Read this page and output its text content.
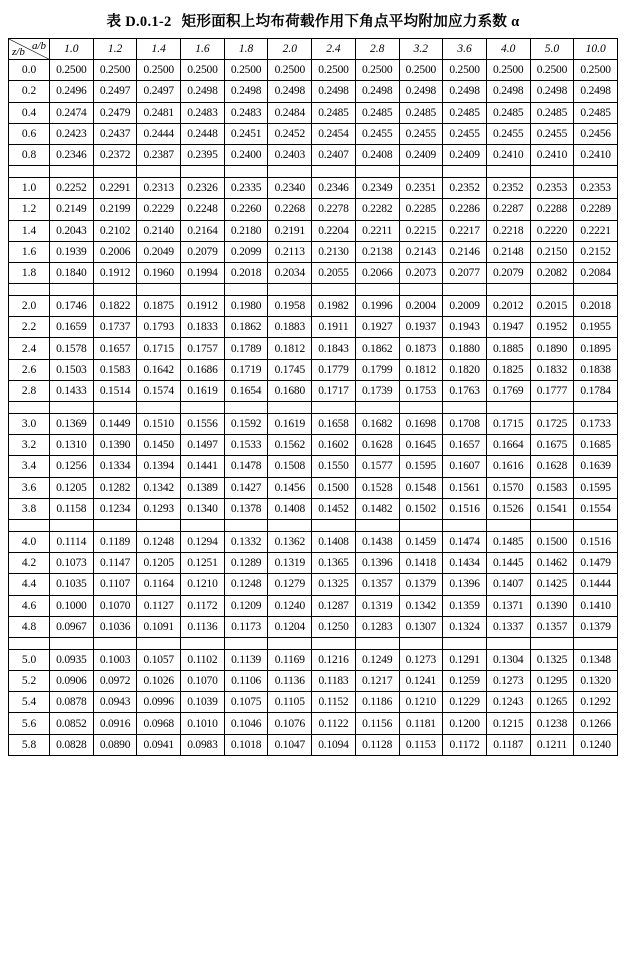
表 D.0.1-2 矩形面积上均布荷载作用下角点平均附加应力系数 α
a/b
z/b	1.0	1.2	1.4	1.6	1.8	2.0	2.4	2.8	3.2	3.6	4.0	5.0	10.0
0.0	0.2500	0.2500	0.2500	0.2500	0.2500	0.2500	0.2500	0.2500	0.2500	0.2500	0.2500	0.2500	0.2500
0.2	0.2496	0.2497	0.2497	0.2498	0.2498	0.2498	0.2498	0.2498	0.2498	0.2498	0.2498	0.2498	0.2498
0.4	0.2474	0.2479	0.2481	0.2483	0.2483	0.2484	0.2485	0.2485	0.2485	0.2485	0.2485	0.2485	0.2485
0.6	0.2423	0.2437	0.2444	0.2448	0.2451	0.2452	0.2454	0.2455	0.2455	0.2455	0.2455	0.2455	0.2456
0.8	0.2346	0.2372	0.2387	0.2395	0.2400	0.2403	0.2407	0.2408	0.2409	0.2409	0.2410	0.2410	0.2410

1.0	0.2252	0.2291	0.2313	0.2326	0.2335	0.2340	0.2346	0.2349	0.2351	0.2352	0.2352	0.2353	0.2353
1.2	0.2149	0.2199	0.2229	0.2248	0.2260	0.2268	0.2278	0.2282	0.2285	0.2286	0.2287	0.2288	0.2289
1.4	0.2043	0.2102	0.2140	0.2164	0.2180	0.2191	0.2204	0.2211	0.2215	0.2217	0.2218	0.2220	0.2221
1.6	0.1939	0.2006	0.2049	0.2079	0.2099	0.2113	0.2130	0.2138	0.2143	0.2146	0.2148	0.2150	0.2152
1.8	0.1840	0.1912	0.1960	0.1994	0.2018	0.2034	0.2055	0.2066	0.2073	0.2077	0.2079	0.2082	0.2084

2.0	0.1746	0.1822	0.1875	0.1912	0.1980	0.1958	0.1982	0.1996	0.2004	0.2009	0.2012	0.2015	0.2018
2.2	0.1659	0.1737	0.1793	0.1833	0.1862	0.1883	0.1911	0.1927	0.1937	0.1943	0.1947	0.1952	0.1955
2.4	0.1578	0.1657	0.1715	0.1757	0.1789	0.1812	0.1843	0.1862	0.1873	0.1880	0.1885	0.1890	0.1895
2.6	0.1503	0.1583	0.1642	0.1686	0.1719	0.1745	0.1779	0.1799	0.1812	0.1820	0.1825	0.1832	0.1838
2.8	0.1433	0.1514	0.1574	0.1619	0.1654	0.1680	0.1717	0.1739	0.1753	0.1763	0.1769	0.1777	0.1784

3.0	0.1369	0.1449	0.1510	0.1556	0.1592	0.1619	0.1658	0.1682	0.1698	0.1708	0.1715	0.1725	0.1733
3.2	0.1310	0.1390	0.1450	0.1497	0.1533	0.1562	0.1602	0.1628	0.1645	0.1657	0.1664	0.1675	0.1685
3.4	0.1256	0.1334	0.1394	0.1441	0.1478	0.1508	0.1550	0.1577	0.1595	0.1607	0.1616	0.1628	0.1639
3.6	0.1205	0.1282	0.1342	0.1389	0.1427	0.1456	0.1500	0.1528	0.1548	0.1561	0.1570	0.1583	0.1595
3.8	0.1158	0.1234	0.1293	0.1340	0.1378	0.1408	0.1452	0.1482	0.1502	0.1516	0.1526	0.1541	0.1554

4.0	0.1114	0.1189	0.1248	0.1294	0.1332	0.1362	0.1408	0.1438	0.1459	0.1474	0.1485	0.1500	0.1516
4.2	0.1073	0.1147	0.1205	0.1251	0.1289	0.1319	0.1365	0.1396	0.1418	0.1434	0.1445	0.1462	0.1479
4.4	0.1035	0.1107	0.1164	0.1210	0.1248	0.1279	0.1325	0.1357	0.1379	0.1396	0.1407	0.1425	0.1444
4.6	0.1000	0.1070	0.1127	0.1172	0.1209	0.1240	0.1287	0.1319	0.1342	0.1359	0.1371	0.1390	0.1410
4.8	0.0967	0.1036	0.1091	0.1136	0.1173	0.1204	0.1250	0.1283	0.1307	0.1324	0.1337	0.1357	0.1379

5.0	0.0935	0.1003	0.1057	0.1102	0.1139	0.1169	0.1216	0.1249	0.1273	0.1291	0.1304	0.1325	0.1348
5.2	0.0906	0.0972	0.1026	0.1070	0.1106	0.1136	0.1183	0.1217	0.1241	0.1259	0.1273	0.1295	0.1320
5.4	0.0878	0.0943	0.0996	0.1039	0.1075	0.1105	0.1152	0.1186	0.1210	0.1229	0.1243	0.1265	0.1292
5.6	0.0852	0.0916	0.0968	0.1010	0.1046	0.1076	0.1122	0.1156	0.1181	0.1200	0.1215	0.1238	0.1266
5.8	0.0828	0.0890	0.0941	0.0983	0.1018	0.1047	0.1094	0.1128	0.1153	0.1172	0.1187	0.1211	0.1240
